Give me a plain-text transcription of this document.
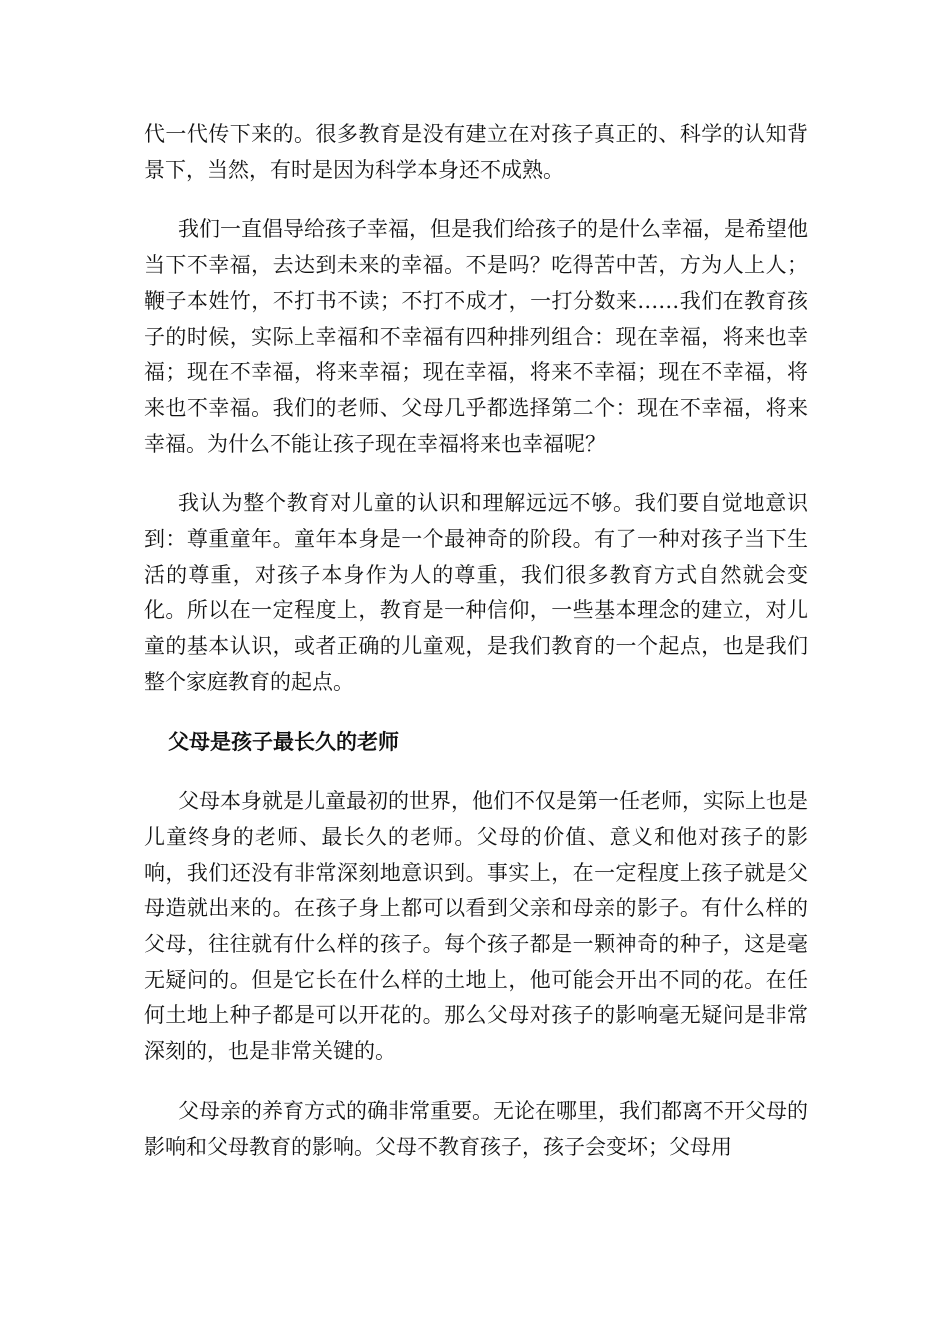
代一代传下来的。很多教育是没有建立在对孩子真正的、科学的认知背景下，当然，有时是因为科学本身还不成熟。

我们一直倡导给孩子幸福，但是我们给孩子的是什么幸福，是希望他当下不幸福，去达到未来的幸福。不是吗？吃得苦中苦，方为人上人；鞭子本姓竹，不打书不读；不打不成才，一打分数来……我们在教育孩子的时候，实际上幸福和不幸福有四种排列组合：现在幸福，将来也幸福；现在不幸福，将来幸福；现在幸福，将来不幸福；现在不幸福，将来也不幸福。我们的老师、父母几乎都选择第二个：现在不幸福，将来幸福。为什么不能让孩子现在幸福将来也幸福呢？

我认为整个教育对儿童的认识和理解远远不够。我们要自觉地意识到：尊重童年。童年本身是一个最神奇的阶段。有了一种对孩子当下生活的尊重，对孩子本身作为人的尊重，我们很多教育方式自然就会变化。所以在一定程度上，教育是一种信仰，一些基本理念的建立，对儿童的基本认识，或者正确的儿童观，是我们教育的一个起点，也是我们整个家庭教育的起点。

父母是孩子最长久的老师

父母本身就是儿童最初的世界，他们不仅是第一任老师，实际上也是儿童终身的老师、最长久的老师。父母的价值、意义和他对孩子的影响，我们还没有非常深刻地意识到。事实上，在一定程度上孩子就是父母造就出来的。在孩子身上都可以看到父亲和母亲的影子。有什么样的父母，往往就有什么样的孩子。每个孩子都是一颗神奇的种子，这是毫无疑问的。但是它长在什么样的土地上，他可能会开出不同的花。在任何土地上种子都是可以开花的。那么父母对孩子的影响毫无疑问是非常深刻的，也是非常关键的。

父母亲的养育方式的确非常重要。无论在哪里，我们都离不开父母的影响和父母教育的影响。父母不教育孩子，孩子会变坏；父母用
